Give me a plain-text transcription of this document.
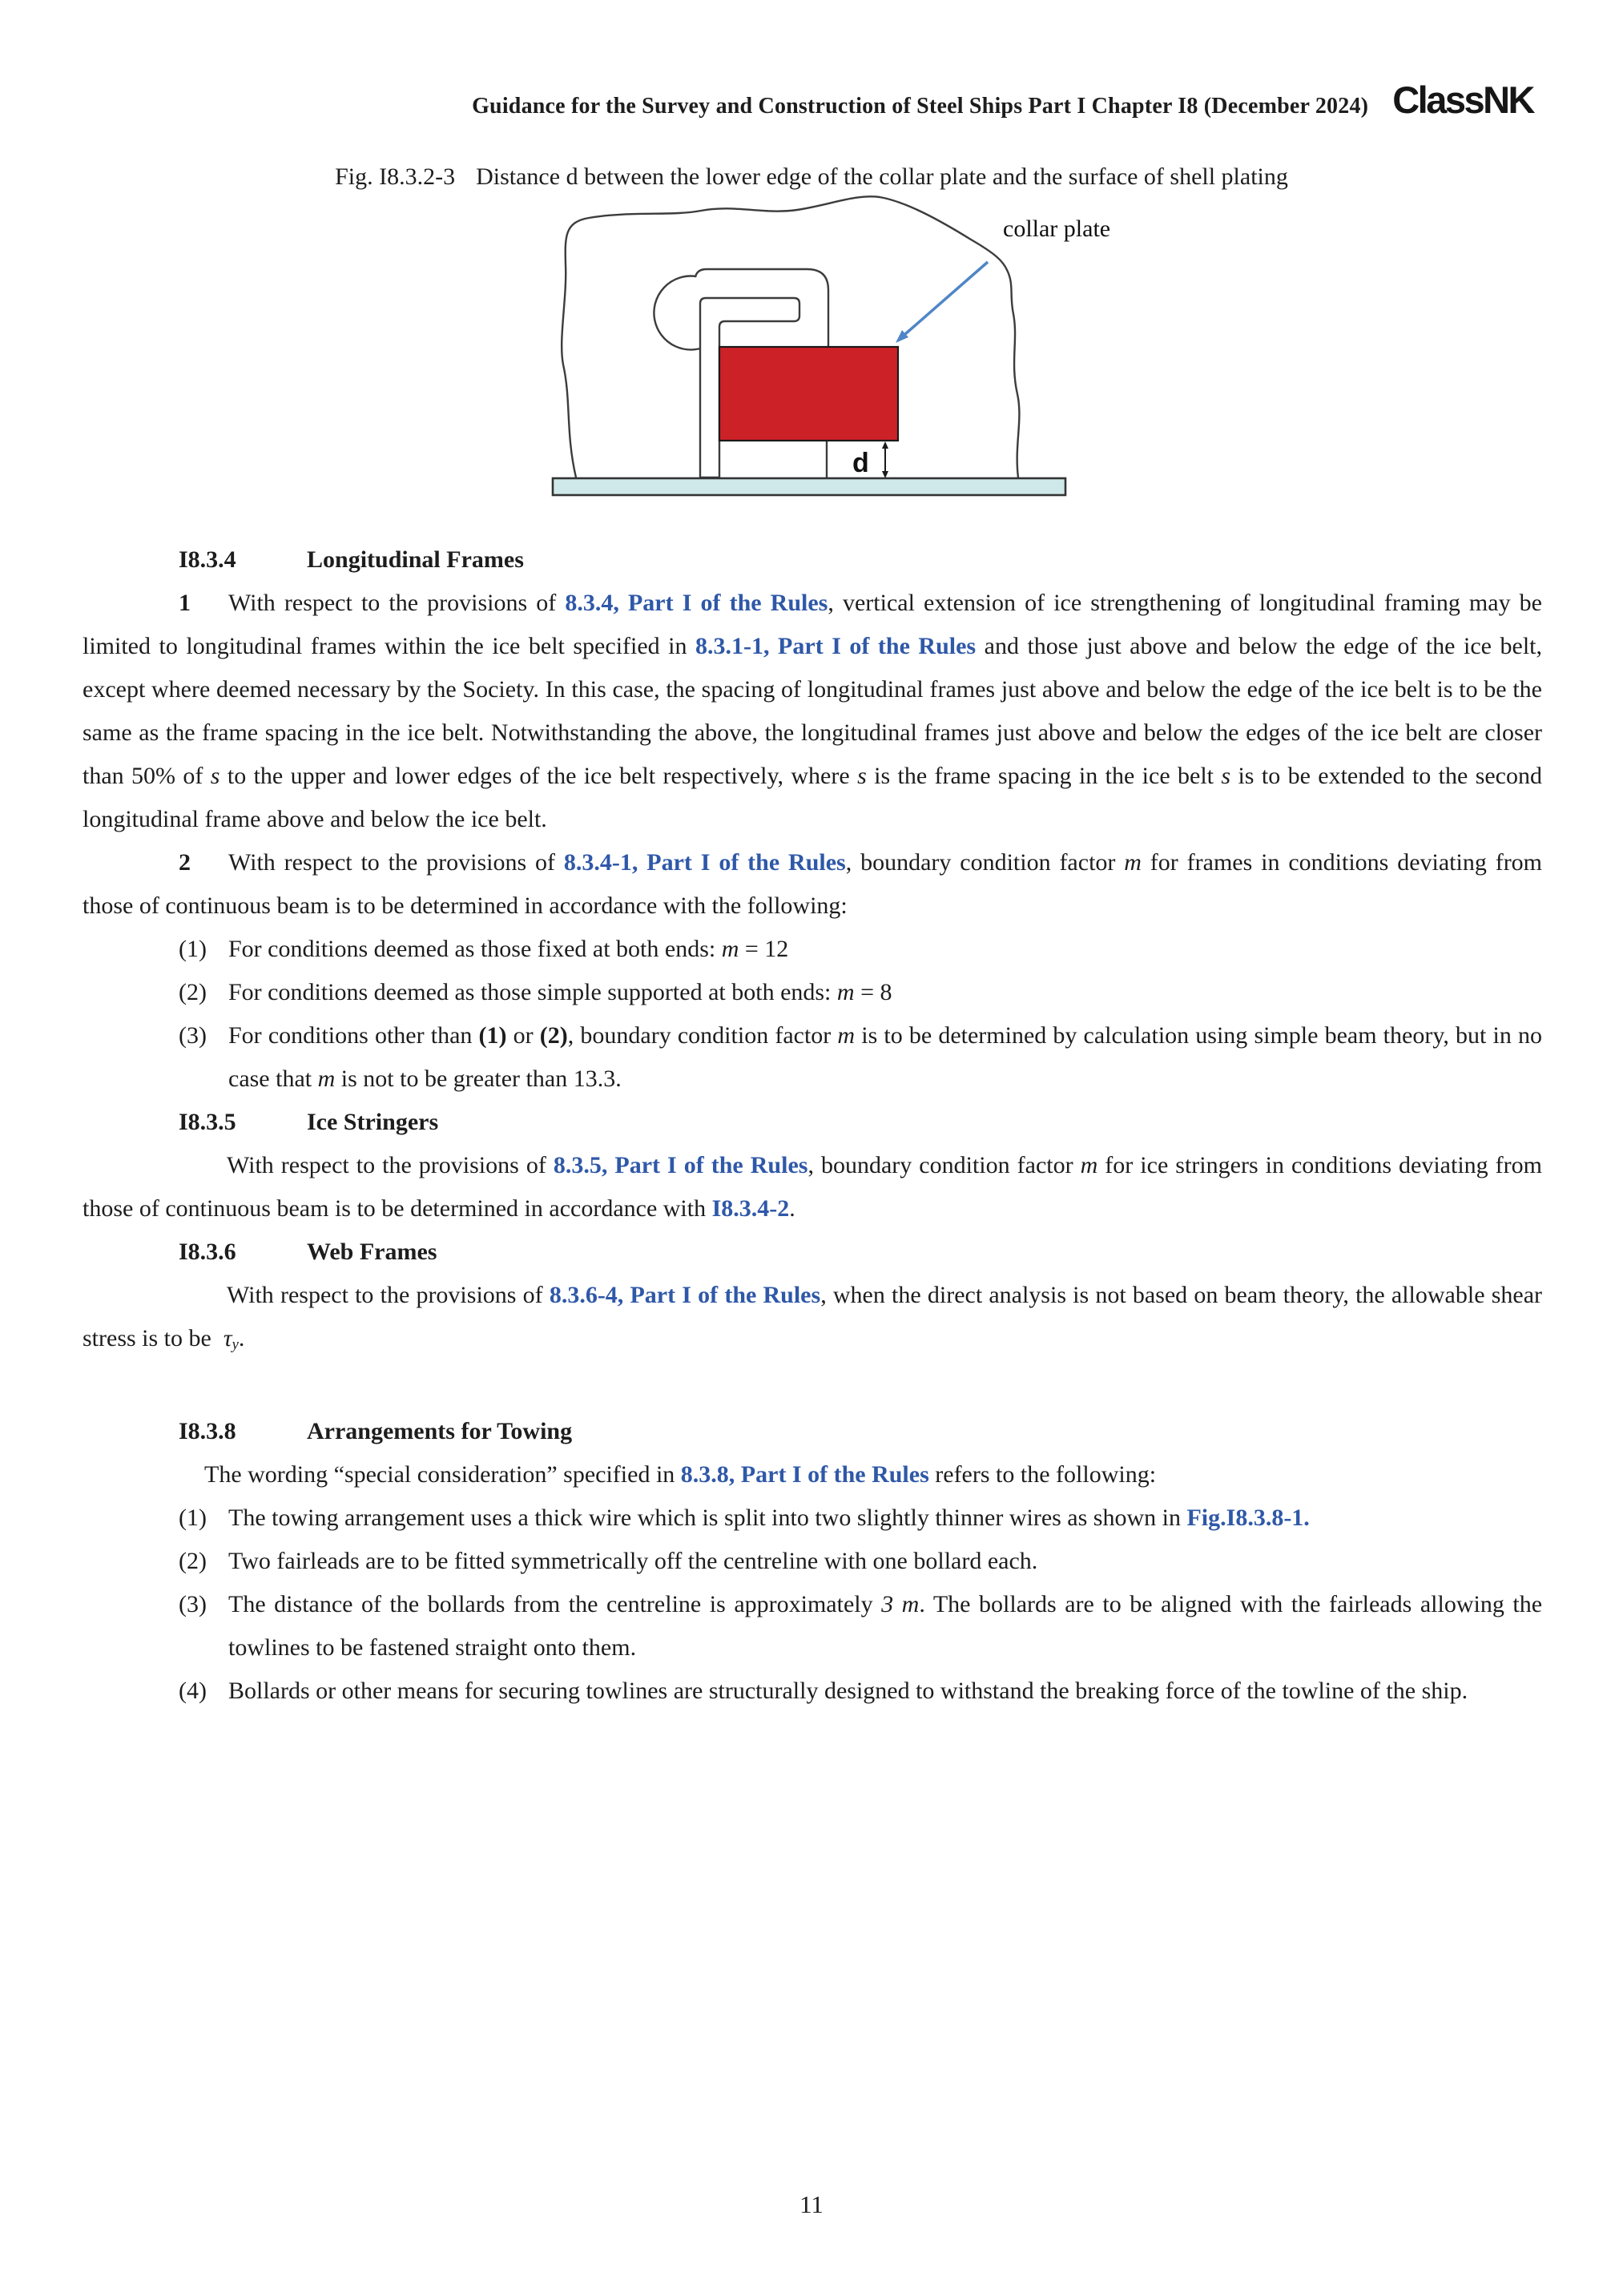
Guidance for the Survey and Construction of Steel Ships Part I Chapter I8 (December 2024) ClassNK
Fig. I8.3.2-3 Distance d between the lower edge of the collar plate and the surface of shell plating
d
collar plate
I8.3.4	Longitudinal Frames
1 With respect to the provisions of 8.3.4, Part I of the Rules, vertical extension of ice strengthening of longitudinal framing may be limited to longitudinal frames within the ice belt specified in 8.3.1-1, Part I of the Rules and those just above and below the edge of the ice belt, except where deemed necessary by the Society. In this case, the spacing of longitudinal frames just above and below the edge of the ice belt is to be the same as the frame spacing in the ice belt. Notwithstanding the above, the longitudinal frames just above and below the edges of the ice belt are closer than 50% of s to the upper and lower edges of the ice belt respectively, where s is the frame spacing in the ice belt s is to be extended to the second longitudinal frame above and below the ice belt.
2 With respect to the provisions of 8.3.4-1, Part I of the Rules, boundary condition factor m for frames in conditions deviating from those of continuous beam is to be determined in accordance with the following:
(1) For conditions deemed as those fixed at both ends: m = 12
(2) For conditions deemed as those simple supported at both ends: m = 8
(3) For conditions other than (1) or (2), boundary condition factor m is to be determined by calculation using simple beam theory, but in no case that m is not to be greater than 13.3.
I8.3.5	Ice Stringers
With respect to the provisions of 8.3.5, Part I of the Rules, boundary condition factor m for ice stringers in conditions deviating from those of continuous beam is to be determined in accordance with I8.3.4-2.
I8.3.6	Web Frames
With respect to the provisions of 8.3.6-4, Part I of the Rules, when the direct analysis is not based on beam theory, the allowable shear stress is to be  τy.
I8.3.8	Arrangements for Towing
The wording “special consideration” specified in 8.3.8, Part I of the Rules refers to the following:
(1) The towing arrangement uses a thick wire which is split into two slightly thinner wires as shown in Fig.I8.3.8-1.
(2) Two fairleads are to be fitted symmetrically off the centreline with one bollard each.
(3) The distance of the bollards from the centreline is approximately 3 m. The bollards are to be aligned with the fairleads allowing the towlines to be fastened straight onto them.
(4) Bollards or other means for securing towlines are structurally designed to withstand the breaking force of the towline of the ship.
11
